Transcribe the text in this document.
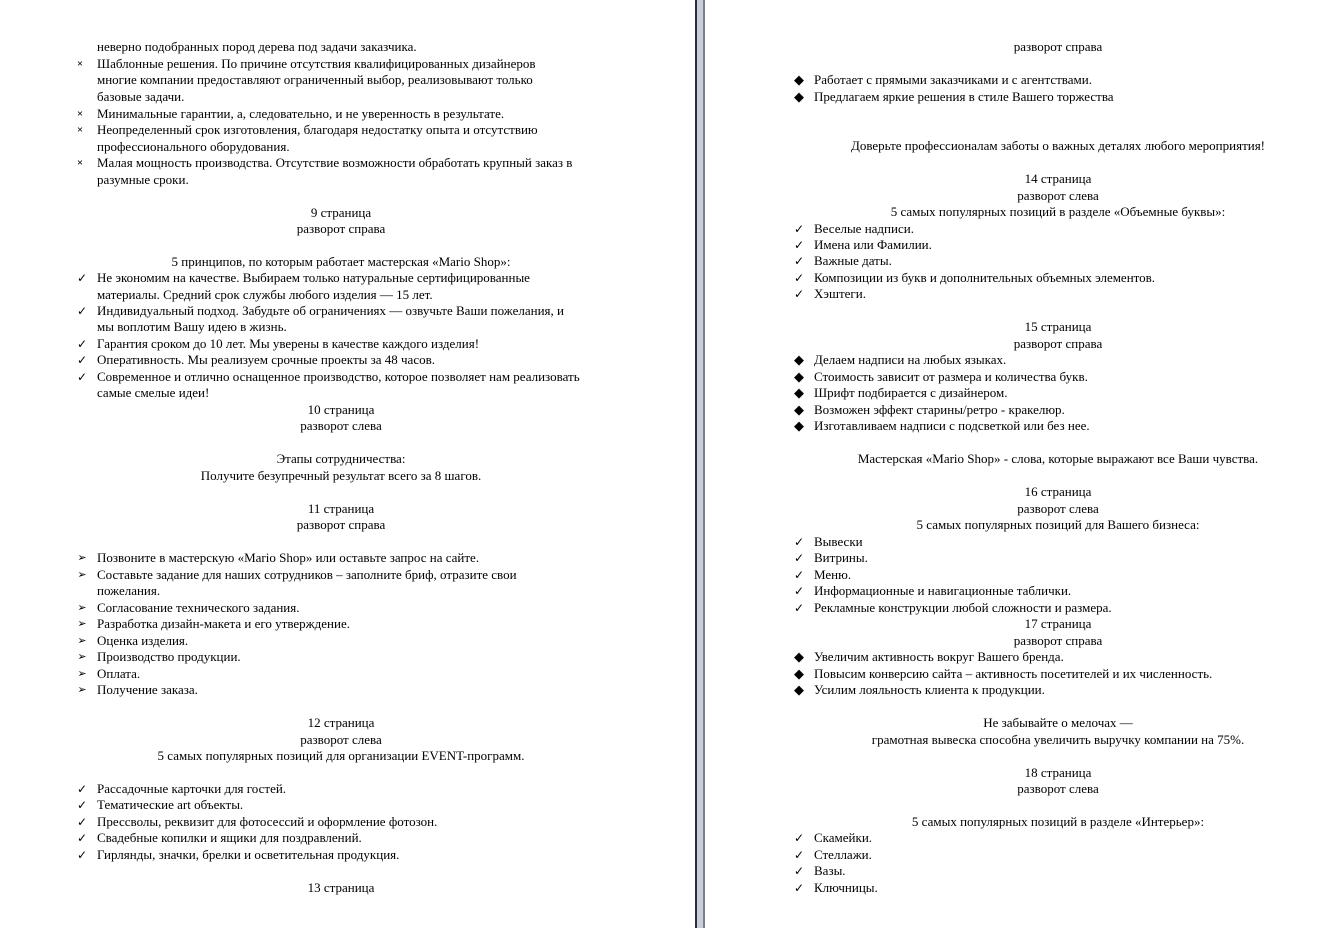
неверно подобранных пород дерева под задачи заказчика.
× Шаблонные решения. По причине отсутствия квалифицированных дизайнеров
многие компании предоставляют ограниченный выбор, реализовывают только
базовые задачи.
× Минимальные гарантии, а, следовательно, и не уверенность в результате.
× Неопределенный срок изготовления, благодаря недостатку опыта и отсутствию
профессионального оборудования.
× Малая мощность производства. Отсутствие возможности обработать крупный заказ в
разумные сроки.
9 страница
разворот справа
5 принципов, по которым работает мастерская «Mario Shop»:
✓ Не экономим на качестве. Выбираем только натуральные сертифицированные
материалы. Средний срок службы любого изделия — 15 лет.
✓ Индивидуальный подход. Забудьте об ограничениях — озвучьте Ваши пожелания, и
мы воплотим Вашу идею в жизнь.
✓ Гарантия сроком до 10 лет. Мы уверены в качестве каждого изделия!
✓ Оперативность. Мы реализуем срочные проекты за 48 часов.
✓ Современное и отлично оснащенное производство, которое позволяет нам реализовать
самые смелые идеи!
10 страница
разворот слева
Этапы сотрудничества:
Получите безупречный результат всего за 8 шагов.
11 страница
разворот справа
➢ Позвоните в мастерскую «Mario Shop» или оставьте запрос на сайте.
➢ Составьте задание для наших сотрудников – заполните бриф, отразите свои
пожелания.
➢ Согласование технического задания.
➢ Разработка дизайн-макета и его утверждение.
➢ Оценка изделия.
➢ Производство продукции.
➢ Оплата.
➢ Получение заказа.
12 страница
разворот слева
5 самых популярных позиций для организации EVENT-программ.
✓ Рассадочные карточки для гостей.
✓ Тематические art объекты.
✓ Прессволы, реквизит для фотосессий и оформление фотозон.
✓ Свадебные копилки и ящики для поздравлений.
✓ Гирлянды, значки, брелки и осветительная продукция.
13 страница
разворот справа
◆ Работает с прямыми заказчиками и с агентствами.
◆ Предлагаем яркие решения в стиле Вашего торжества
Доверьте профессионалам заботы о важных деталях любого мероприятия!
14 страница
разворот слева
5 самых популярных позиций в разделе «Объемные буквы»:
✓ Веселые надписи.
✓ Имена или Фамилии.
✓ Важные даты.
✓ Композиции из букв и дополнительных объемных элементов.
✓ Хэштеги.
15 страница
разворот справа
◆ Делаем надписи на любых языках.
◆ Стоимость зависит от размера и количества букв.
◆ Шрифт подбирается с дизайнером.
◆ Возможен эффект старины/ретро - кракелюр.
◆ Изготавливаем надписи с подсветкой или без нее.
Мастерская «Mario Shop» - слова, которые выражают все Ваши чувства.
16 страница
разворот слева
5 самых популярных позиций для Вашего бизнеса:
✓ Вывески
✓ Витрины.
✓ Меню.
✓ Информационные и навигационные таблички.
✓ Рекламные конструкции любой сложности и размера.
17 страница
разворот справа
◆ Увеличим активность вокруг Вашего бренда.
◆ Повысим конверсию сайта – активность посетителей и их численность.
◆ Усилим лояльность клиента к продукции.
Не забывайте о мелочах —
грамотная вывеска способна увеличить выручку компании на 75%.
18 страница
разворот слева
5 самых популярных позиций в разделе «Интерьер»:
✓ Скамейки.
✓ Стеллажи.
✓ Вазы.
✓ Ключницы.
